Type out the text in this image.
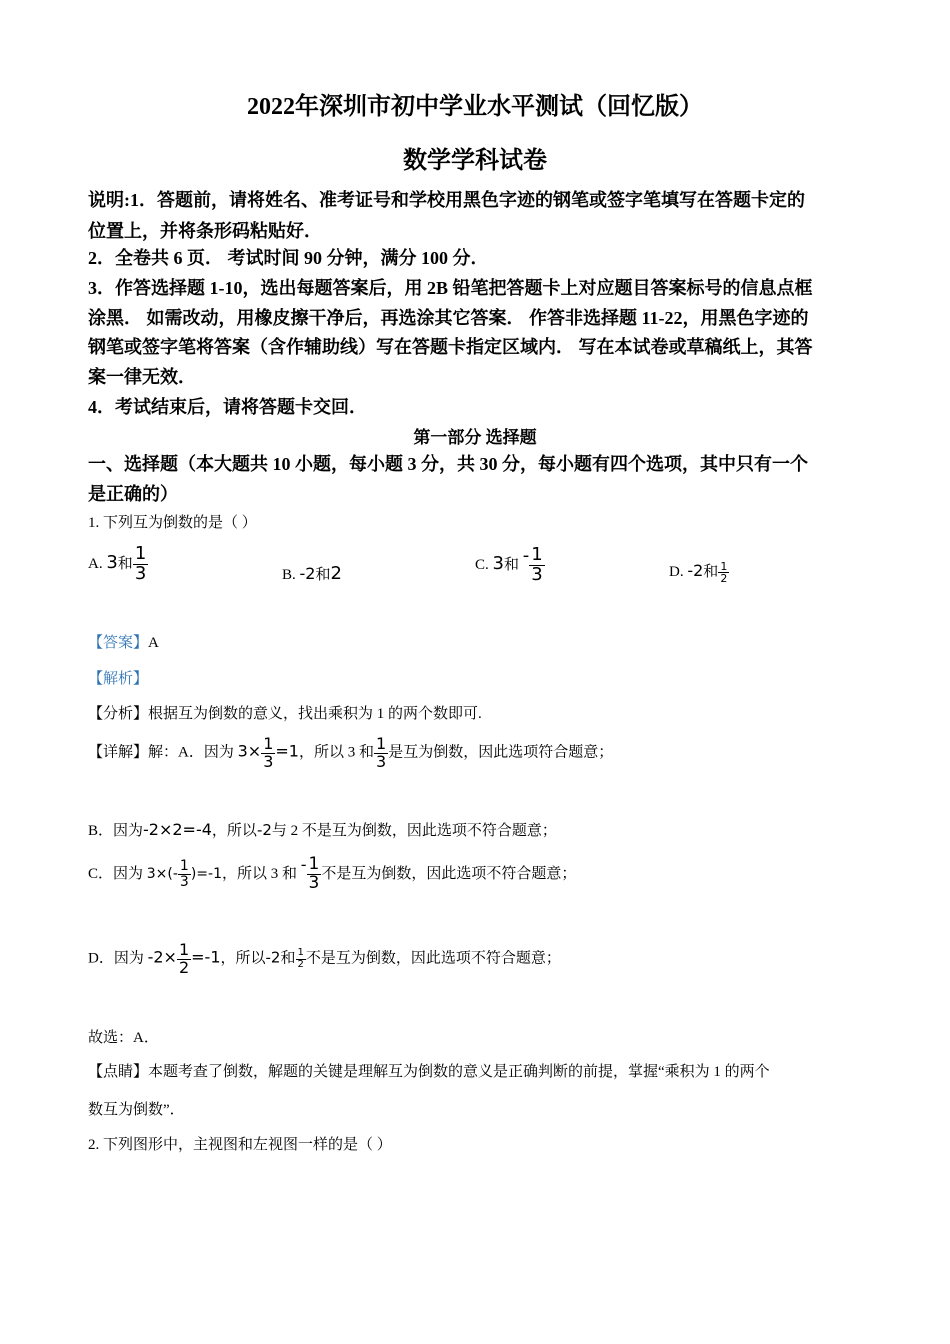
2022年深圳市初中学业水平测试（回忆版）
数学学科试卷
说明:1．答题前，请将姓名、准考证号和学校用黑色字迹的钢笔或签字笔填写在答题卡定的
位置上，并将条形码粘贴好．
2．全卷共 6 页． 考试时间 90 分钟，满分 100 分．
3．作答选择题 1-10，选出每题答案后，用 2B 铅笔把答题卡上对应题目答案标号的信息点框
涂黑． 如需改动，用橡皮擦干净后，再选涂其它答案． 作答非选择题 11-22，用黑色字迹的
钢笔或签字笔将答案（含作辅助线）写在答题卡指定区域内． 写在本试卷或草稿纸上，其答
案一律无效．
4．考试结束后，请将答题卡交回．
第一部分 选择题
一、选择题（本大题共 10 小题，每小题 3 分，共 30 分，每小题有四个选项，其中只有一个
是正确的）
1. 下列互为倒数的是（ ）
A. 3和 $\frac{1}{3}$	B. -2和2	C. 3和 - $\frac{1}{3}$	D. -2和 $\frac{1}{2}$
【答案】A
【解析】
【分析】根据互为倒数的意义，找出乘积为 1 的两个数即可.
【详解】解：A．因为 $3\times \frac{1}{3} =1$，所以 3 和 $\frac{1}{3}$ 是互为倒数，因此选项符合题意；
B．因为-2×2=-4，所以-2与 2 不是互为倒数，因此选项不符合题意；
C．因为 $3\times(- \frac{1}{3} )=-1$，所以 3 和 - $\frac{1}{3}$ 不是互为倒数，因此选项不符合题意；
D．因为 $-2\times \frac{1}{2} =-1$，所以-2和 $\frac{1}{2}$ 不是互为倒数，因此选项不符合题意；
故选：A．
【点睛】本题考查了倒数，解题的关键是理解互为倒数的意义是正确判断的前提，掌握“乘积为 1 的两个
数互为倒数”．
2. 下列图形中，主视图和左视图一样的是（ ）
